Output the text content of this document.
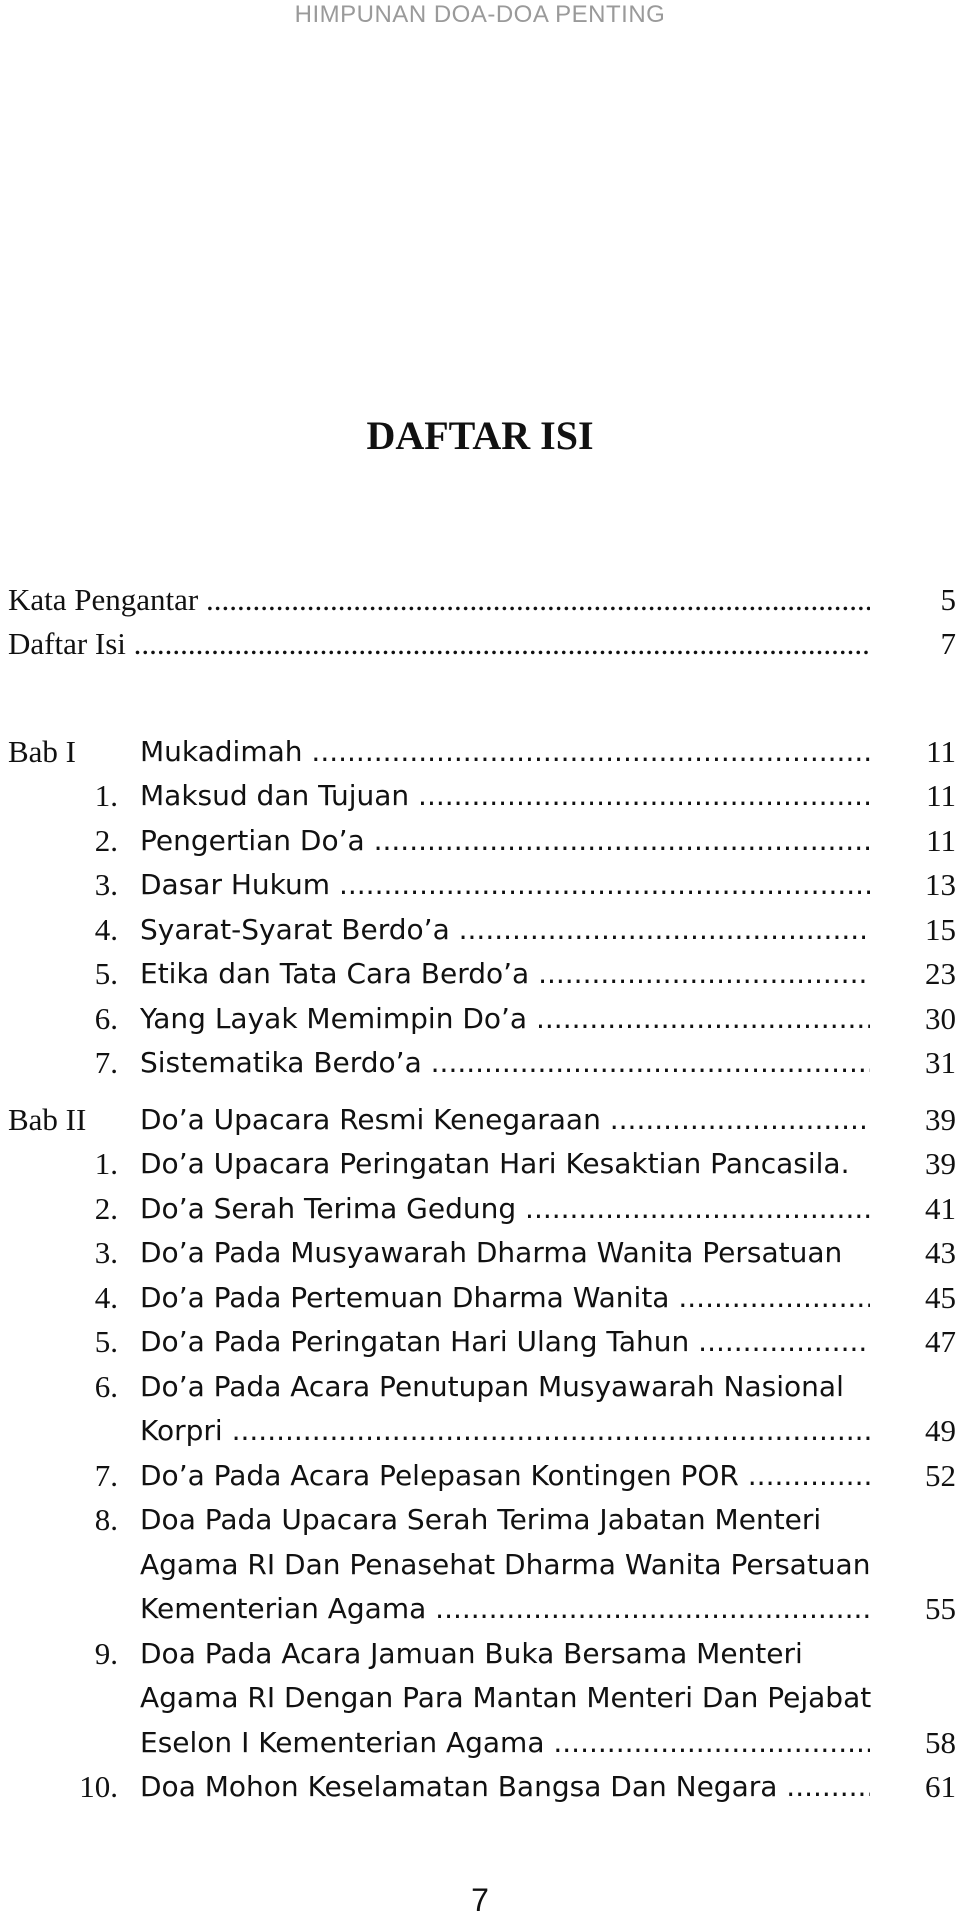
HIMPUNAN DOA-DOA PENTING
DAFTAR ISI
Kata Pengantar .....	5
Daftar Isi .....	7
Bab I Mukadimah .....	11
1. Maksud dan Tujuan .....	11
2. Pengertian Do’a .....	11
3. Dasar Hukum .....	13
4. Syarat-Syarat Berdo’a .....	15
5. Etika dan Tata Cara Berdo’a .....	23
6. Yang Layak Memimpin Do’a .....	30
7. Sistematika Berdo’a .....	31
Bab II Do’a Upacara Resmi Kenegaraan .....	39
1. Do’a Upacara Peringatan Hari Kesaktian Pancasila.	39
2. Do’a Serah Terima Gedung .....	41
3. Do’a Pada Musyawarah Dharma Wanita Persatuan	43
4. Do’a Pada Pertemuan Dharma Wanita .....	45
5. Do’a Pada Peringatan Hari Ulang Tahun .....	47
6. Do’a Pada Acara Penutupan Musyawarah Nasional
Korpri .....	49
7. Do’a Pada Acara Pelepasan Kontingen POR .....	52
8. Doa Pada Upacara Serah Terima Jabatan Menteri
Agama RI Dan Penasehat Dharma Wanita Persatuan
Kementerian Agama .....	55
9. Doa Pada Acara Jamuan Buka Bersama Menteri
Agama RI Dengan Para Mantan Menteri Dan Pejabat
Eselon I Kementerian Agama .....	58
10. Doa Mohon Keselamatan Bangsa Dan Negara .....	61
7
